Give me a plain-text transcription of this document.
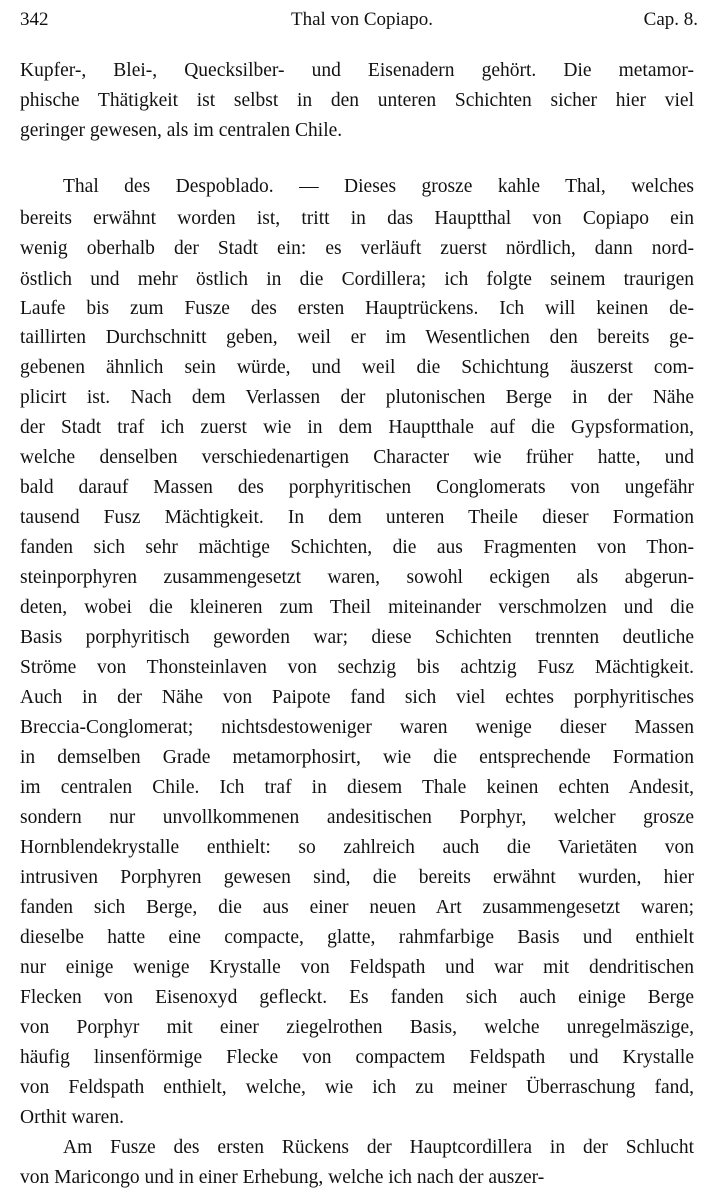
342	Thal von Copiapo.	Cap. 8.
Kupfer-, Blei-, Quecksilber- und Eisenadern gehört. Die metamor-
phische Thätigkeit ist selbst in den unteren Schichten sicher hier viel
geringer gewesen, als im centralen Chile.
Thal des Despoblado. — Dieses grosze kahle Thal, welches
bereits erwähnt worden ist, tritt in das Hauptthal von Copiapo ein
wenig oberhalb der Stadt ein: es verläuft zuerst nördlich, dann nord-
östlich und mehr östlich in die Cordillera; ich folgte seinem traurigen
Laufe bis zum Fusze des ersten Hauptrückens. Ich will keinen de-
taillirten Durchschnitt geben, weil er im Wesentlichen den bereits ge-
gebenen ähnlich sein würde, und weil die Schichtung äuszerst com-
plicirt ist. Nach dem Verlassen der plutonischen Berge in der Nähe
der Stadt traf ich zuerst wie in dem Hauptthale auf die Gypsformation,
welche denselben verschiedenartigen Character wie früher hatte, und
bald darauf Massen des porphyritischen Conglomerats von ungefähr
tausend Fusz Mächtigkeit. In dem unteren Theile dieser Formation
fanden sich sehr mächtige Schichten, die aus Fragmenten von Thon-
steinporphyren zusammengesetzt waren, sowohl eckigen als abgerun-
deten, wobei die kleineren zum Theil miteinander verschmolzen und die
Basis porphyritisch geworden war; diese Schichten trennten deutliche
Ströme von Thonsteinlaven von sechzig bis achtzig Fusz Mächtigkeit.
Auch in der Nähe von Paipote fand sich viel echtes porphyritisches
Breccia-Conglomerat; nichtsdestoweniger waren wenige dieser Massen
in demselben Grade metamorphosirt, wie die entsprechende Formation
im centralen Chile. Ich traf in diesem Thale keinen echten Andesit,
sondern nur unvollkommenen andesitischen Porphyr, welcher grosze
Hornblendekrystalle enthielt: so zahlreich auch die Varietäten von
intrusiven Porphyren gewesen sind, die bereits erwähnt wurden, hier
fanden sich Berge, die aus einer neuen Art zusammengesetzt waren;
dieselbe hatte eine compacte, glatte, rahmfarbige Basis und enthielt
nur einige wenige Krystalle von Feldspath und war mit dendritischen
Flecken von Eisenoxyd gefleckt. Es fanden sich auch einige Berge
von Porphyr mit einer ziegelrothen Basis, welche unregelmäszige,
häufig linsenförmige Flecke von compactem Feldspath und Krystalle
von Feldspath enthielt, welche, wie ich zu meiner Überraschung fand,
Orthit waren.
Am Fusze des ersten Rückens der Hauptcordillera in der Schlucht
von Maricongo und in einer Erhebung, welche ich nach der auszer-
